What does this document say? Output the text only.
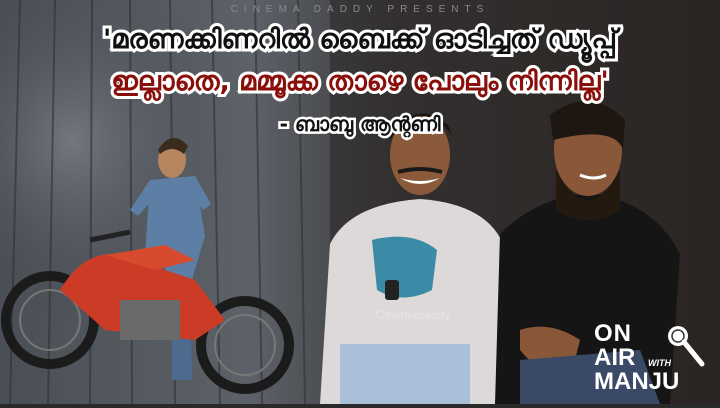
CINEMA DADDY PRESENTS
'മരണക്കിണറിൽ ബൈക്ക് ഓടിച്ചത് ഡ്യൂപ്പ്
ഇല്ലാതെ, മമ്മൂക്ക താഴെ പോലും നിന്നില്ല'
- ബാബു ആന്റണി
Cinemadaddy
ON
AIR WITH
MANJU
